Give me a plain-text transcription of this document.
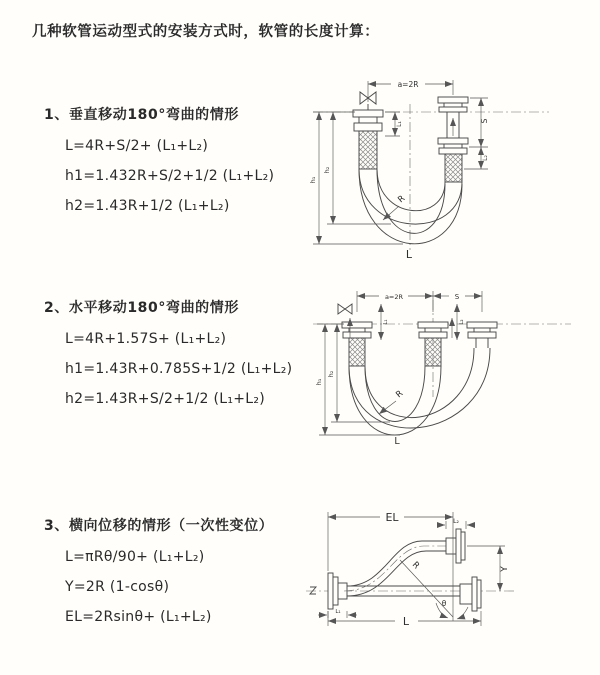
几种软管运动型式的安装方式时，软管的长度计算：
1、垂直移动180°弯曲的情形
L=4R+S/2+ (L₁+L₂)
h1=1.432R+S/2+1/2 (L₁+L₂)
h2=1.43R+1/2 (L₁+L₂)
2、水平移动180°弯曲的情形
L=4R+1.57S+ (L₁+L₂)
h1=1.43R+0.785S+1/2 (L₁+L₂)
h2=1.43R+S/2+1/2 (L₁+L₂)
3、横向位移的情形（一次性变位）
L=πRθ/90+ (L₁+L₂)
Y=2R (1-cosθ)
EL=2Rsinθ+ (L₁+L₂)
a=2R
L₁
S
L₂
h₁
h₂
R
L
a=2R	S
L₁	L₂
h₁
h₂
R
L
EL	L₂
R
θ
Y
L
L₁
